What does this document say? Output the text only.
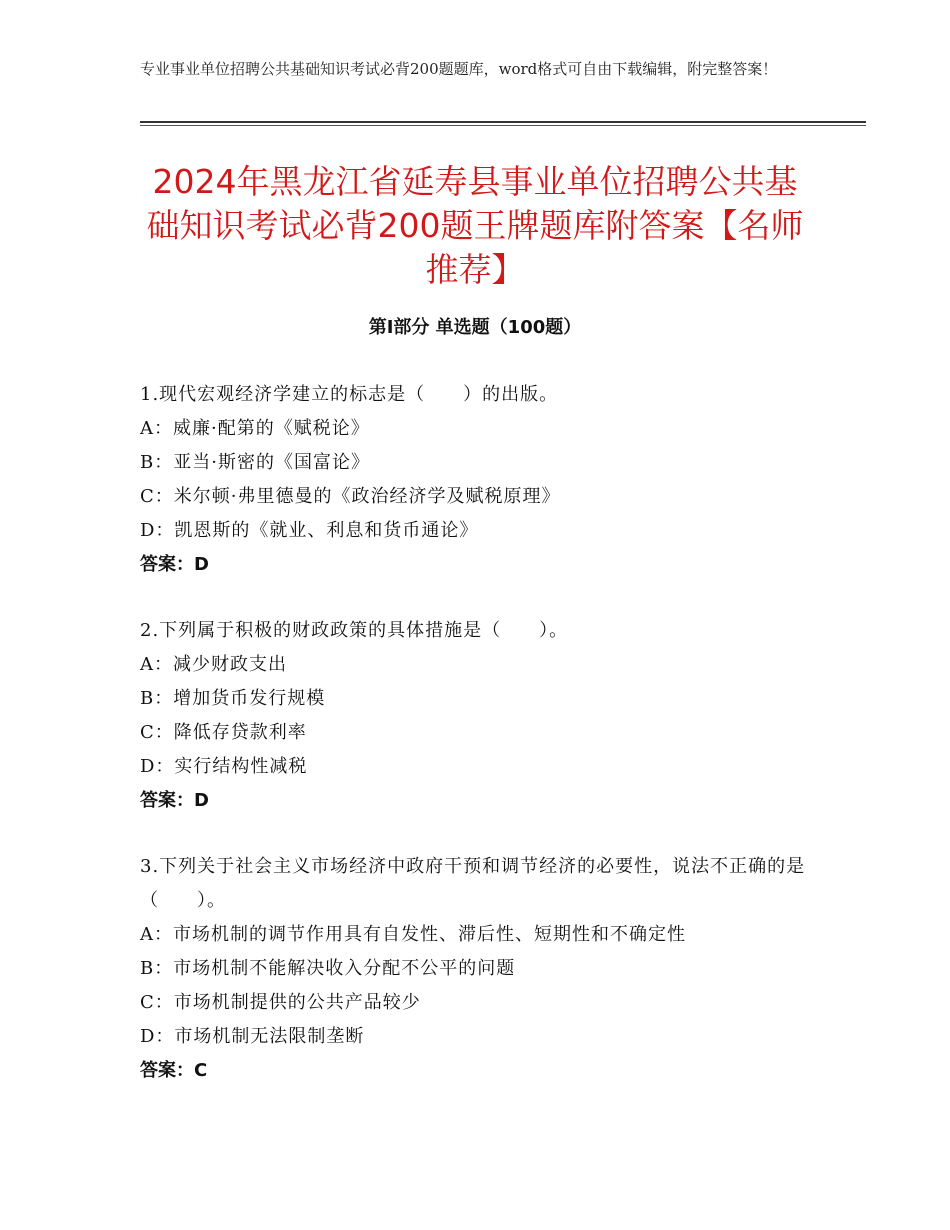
专业事业单位招聘公共基础知识考试必背200题题库，word格式可自由下载编辑，附完整答案！
2024年黑龙江省延寿县事业单位招聘公共基础知识考试必背200题王牌题库附答案【名师推荐】
第Ⅰ部分 单选题（100题）
1.现代宏观经济学建立的标志是（　　）的出版。
A：威廉·配第的《赋税论》
B：亚当·斯密的《国富论》
C：米尔顿·弗里德曼的《政治经济学及赋税原理》
D：凯恩斯的《就业、利息和货币通论》
答案：D
2.下列属于积极的财政政策的具体措施是（　　）。
A：减少财政支出
B：增加货币发行规模
C：降低存贷款利率
D：实行结构性减税
答案：D
3.下列关于社会主义市场经济中政府干预和调节经济的必要性，说法不正确的是（　　）。
A：市场机制的调节作用具有自发性、滞后性、短期性和不确定性
B：市场机制不能解决收入分配不公平的问题
C：市场机制提供的公共产品较少
D：市场机制无法限制垄断
答案：C
